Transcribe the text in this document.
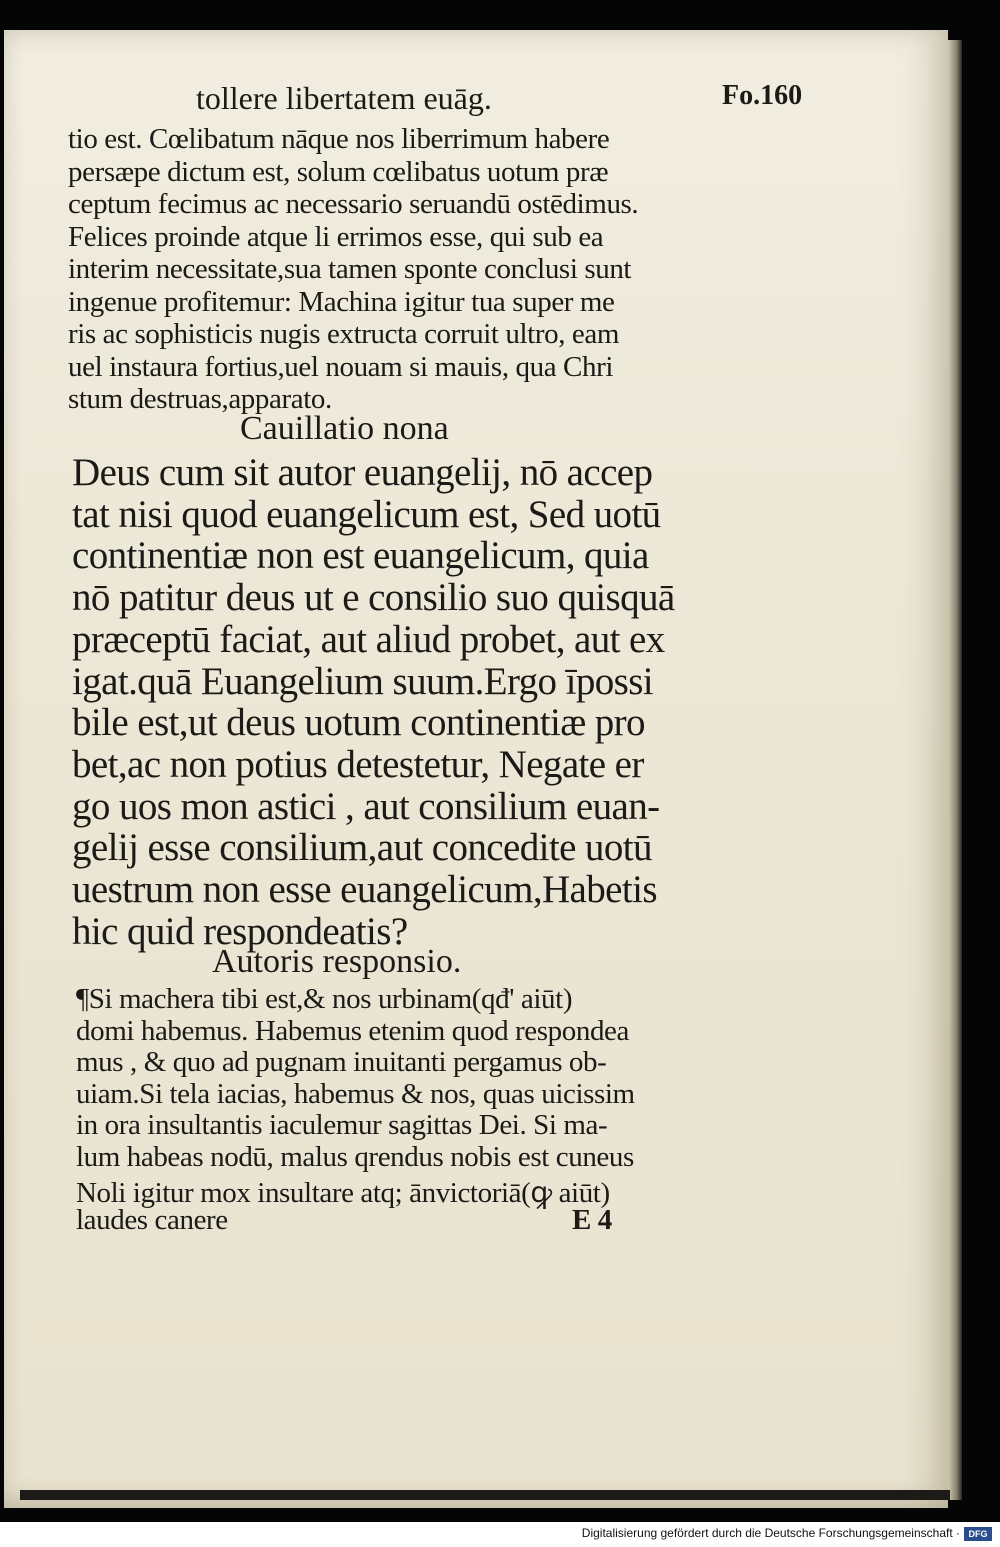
tollere libertatem euāg.	Fo.160
tio est. Cœlibatum nāque nos liberrimum habere
persæpe dictum est, solum cœlibatus uotum præ
ceptum fecimus ac necessario seruandū ostēdimus.
Felices proinde atque li errimos esse, qui sub ea
interim necessitate,sua tamen sponte conclusi sunt
ingenue profitemur: Machina igitur tua super me
ris ac sophisticis nugis extructa corruit ultro, eam
uel instaura fortius,uel nouam si mauis, qua Chri
stum destruas,apparato.
Cauillatio nona
Deus cum sit autor euangelij, nō accep
tat nisi quod euangelicum est, Sed uotū
continentiæ non est euangelicum, quia
nō patitur deus ut e consilio suo quisquā
præceptū faciat, aut aliud probet, aut ex
igat.quā Euangelium suum.Ergo īpossi
bile est,ut deus uotum continentiæ pro
bet,ac non potius detestetur, Negate er
go uos mon astici , aut consilium euan-
gelij esse consilium,aut concedite uotū
uestrum non esse euangelicum,Habetis
hic quid respondeatis?
Autoris responsio.
¶Si machera tibi est,& nos urbinam(qđ' aiūt)
domi habemus. Habemus etenim quod respondea
mus , & quo ad pugnam inuitanti pergamus ob-
uiam.Si tela iacias, habemus & nos, quas uicissim
in ora insultantis iaculemur sagittas Dei. Si ma-
lum habeas nodū, malus qrendus nobis est cuneus
Noli igitur mox insultare atq; ānvictoriā(ꝙ aiūt)
laudes canere	E 4
Digitalisierung gefördert durch die Deutsche Forschungsgemeinschaft · DFG
